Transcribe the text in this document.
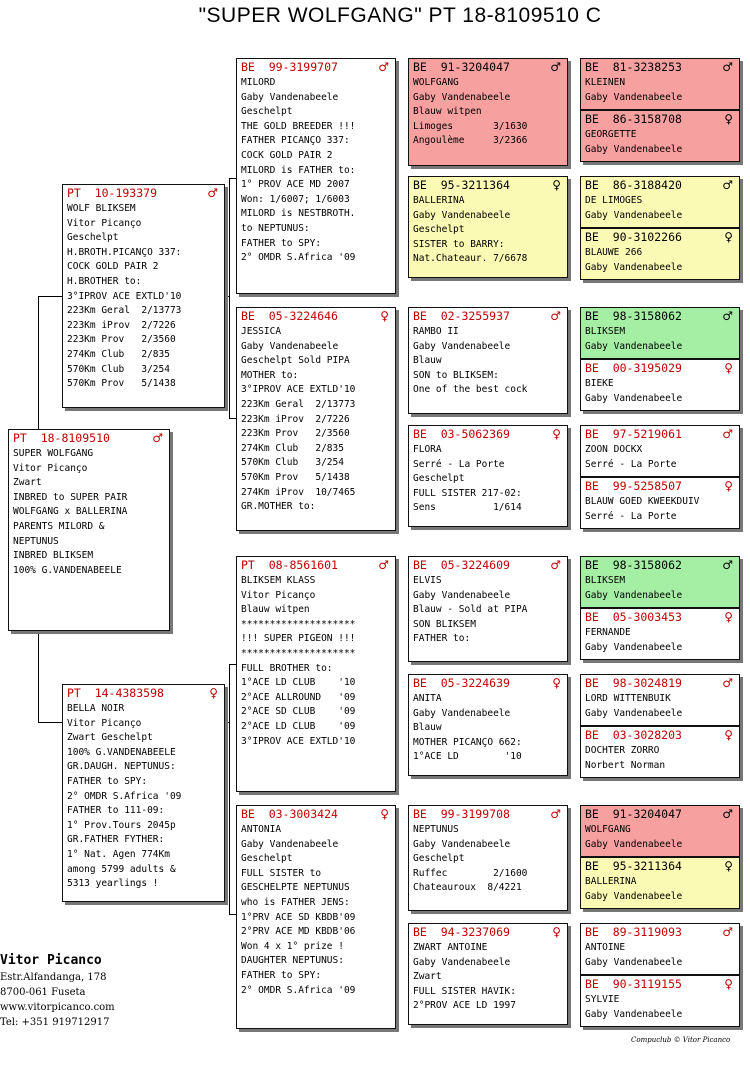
"SUPER WOLFGANG" PT 18-8109510 C
PT  18-8109510	♂
SUPER WOLFGANG
Vitor Picanço
Zwart
INBRED to SUPER PAIR
WOLFGANG x BALLERINA
PARENTS MILORD &
NEPTUNUS
INBRED BLIKSEM
100% G.VANDENABEELE
PT  10-193379	♂
WOLF BLIKSEM
Vitor Picanço
Geschelpt
H.BROTH.PICANÇO 337:
COCK GOLD PAIR 2
H.BROTHER to:
3°IPROV ACE EXTLD'10
223Km Geral  2/13773
223Km iProv  2/7226
223Km Prov   2/3560
274Km Club   2/835
570Km Club   3/254
570Km Prov   5/1438
PT  14-4383598	♀
BELLA NOIR
Vitor Picanço
Zwart Geschelpt
100% G.VANDENABEELE
GR.DAUGH. NEPTUNUS:
FATHER to SPY:
2° OMDR S.Africa '09
FATHER to 111-09:
1° Prov.Tours 2045p
GR.FATHER FYTHER:
1° Nat. Agen 774Km
among 5799 adults &
5313 yearlings !
BE  99-3199707	♂
MILORD
Gaby Vandenabeele
Geschelpt
THE GOLD BREEDER !!!
FATHER PICANÇO 337:
COCK GOLD PAIR 2
MILORD is FATHER to:
1° PROV ACE MD 2007
Won: 1/6007; 1/6003
MILORD is NESTBROTH.
to NEPTUNUS:
FATHER to SPY:
2° OMDR S.Africa '09
BE  05-3224646	♀
JESSICA
Gaby Vandenabeele
Geschelpt Sold PIPA
MOTHER to:
3°IPROV ACE EXTLD'10
223Km Geral  2/13773
223Km iProv  2/7226
223Km Prov   2/3560
274Km Club   2/835
570Km Club   3/254
570Km Prov   5/1438
274Km iProv  10/7465
GR.MOTHER to:
PT  08-8561601	♂
BLIKSEM KLASS
Vitor Picanço
Blauw witpen
********************
!!! SUPER PIGEON !!!
********************
FULL BROTHER to:
1°ACE LD CLUB    '10
2°ACE ALLROUND   '09
2°ACE SD CLUB    '09
2°ACE LD CLUB    '09
3°IPROV ACE EXTLD'10
BE  03-3003424	♀
ANTONIA
Gaby Vandenabeele
Geschelpt
FULL SISTER to
GESCHELPTE NEPTUNUS
who is FATHER JENS:
1°PRV ACE SD KBDB'09
2°PRV ACE MD KBDB'06
Won 4 x 1° prize !
DAUGHTER NEPTUNUS:
FATHER to SPY:
2° OMDR S.Africa '09
BE  91-3204047	♂
WOLFGANG
Gaby Vandenabeele
Blauw witpen
Limoges       3/1630
Angoulème     3/2366
BE  95-3211364	♀
BALLERINA
Gaby Vandenabeele
Geschelpt
SISTER to BARRY:
Nat.Chateaur. 7/6678
BE  02-3255937	♂
RAMBO II
Gaby Vandenabeele
Blauw
SON to BLIKSEM:
One of the best cock
BE  03-5062369	♀
FLORA
Serré - La Porte
Geschelpt
FULL SISTER 217-02:
Sens          1/614
BE  05-3224609	♂
ELVIS
Gaby Vandenabeele
Blauw - Sold at PIPA
SON BLIKSEM
FATHER to:
BE  05-3224639	♀
ANITA
Gaby Vandenabeele
Blauw
MOTHER PICANÇO 662:
1°ACE LD        '10
BE  99-3199708	♂
NEPTUNUS
Gaby Vandenabeele
Geschelpt
Ruffec        2/1600
Chateauroux  8/4221
BE  94-3237069	♀
ZWART ANTOINE
Gaby Vandenabeele
Zwart
FULL SISTER HAVIK:
2°PROV ACE LD 1997
BE  81-3238253	♂
KLEINEN
Gaby Vandenabeele
BE  86-3158708	♀
GEORGETTE
Gaby Vandenabeele
BE  86-3188420	♂
DE LIMOGES
Gaby Vandenabeele
BE  90-3102266	♀
BLAUWE 266
Gaby Vandenabeele
BE  98-3158062	♂
BLIKSEM
Gaby Vandenabeele
BE  00-3195029	♀
BIEKE
Gaby Vandenabeele
BE  97-5219061	♂
ZOON DOCKX
Serré - La Porte
BE  99-5258507	♀
BLAUW GOED KWEEKDUIV
Serré - La Porte
BE  98-3158062	♂
BLIKSEM
Gaby Vandenabeele
BE  05-3003453	♀
FERNANDE
Gaby Vandenabeele
BE  98-3024819	♂
LORD WITTENBUIK
Gaby Vandenabeele
BE  03-3028203	♀
DOCHTER ZORRO
Norbert Norman
BE  91-3204047	♂
WOLFGANG
Gaby Vandenabeele
BE  95-3211364	♀
BALLERINA
Gaby Vandenabeele
BE  89-3119093	♂
ANTOINE
Gaby Vandenabeele
BE  90-3119155	♀
SYLVIE
Gaby Vandenabeele
Vitor Picanco
Estr.Alfandanga, 178
8700-061 Fuseta
www.vitorpicanco.com
Tel: +351 919712917
Compuclub © Vitor Picanco
